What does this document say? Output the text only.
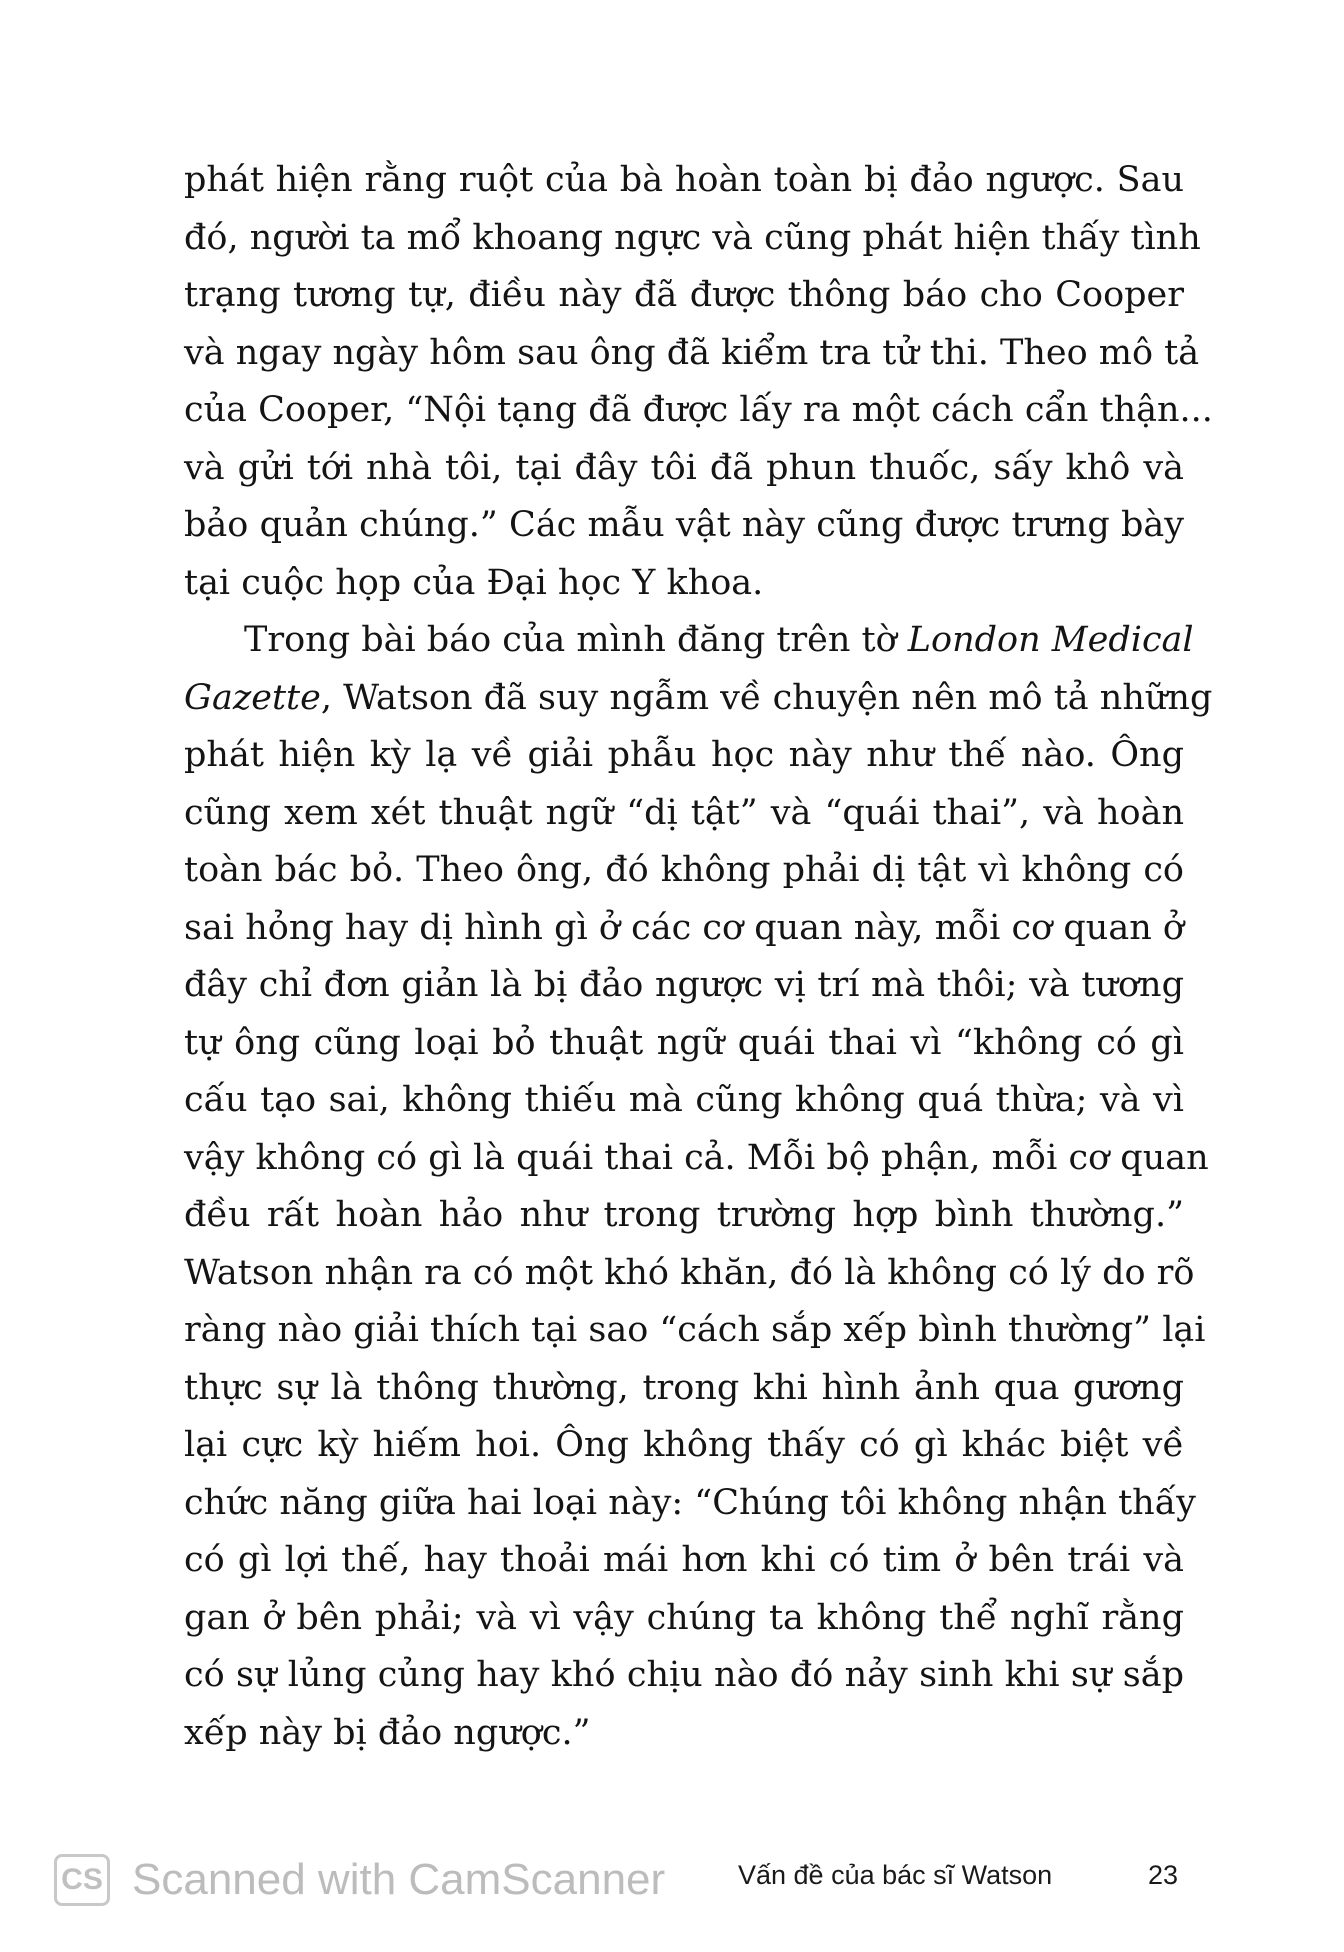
phát hiện rằng ruột của bà hoàn toàn bị đảo ngược. Sau
đó, người ta mổ khoang ngực và cũng phát hiện thấy tình
trạng tương tự, điều này đã được thông báo cho Cooper
và ngay ngày hôm sau ông đã kiểm tra tử thi. Theo mô tả
của Cooper, “Nội tạng đã được lấy ra một cách cẩn thận...
và gửi tới nhà tôi, tại đây tôi đã phun thuốc, sấy khô và
bảo quản chúng.” Các mẫu vật này cũng được trưng bày
tại cuộc họp của Đại học Y khoa.
Trong bài báo của mình đăng trên tờ London Medical
Gazette, Watson đã suy ngẫm về chuyện nên mô tả những
phát hiện kỳ lạ về giải phẫu học này như thế nào. Ông
cũng xem xét thuật ngữ “dị tật” và “quái thai”, và hoàn
toàn bác bỏ. Theo ông, đó không phải dị tật vì không có
sai hỏng hay dị hình gì ở các cơ quan này, mỗi cơ quan ở
đây chỉ đơn giản là bị đảo ngược vị trí mà thôi; và tương
tự ông cũng loại bỏ thuật ngữ quái thai vì “không có gì
cấu tạo sai, không thiếu mà cũng không quá thừa; và vì
vậy không có gì là quái thai cả. Mỗi bộ phận, mỗi cơ quan
đều rất hoàn hảo như trong trường hợp bình thường.”
Watson nhận ra có một khó khăn, đó là không có lý do rõ
ràng nào giải thích tại sao “cách sắp xếp bình thường” lại
thực sự là thông thường, trong khi hình ảnh qua gương
lại cực kỳ hiếm hoi. Ông không thấy có gì khác biệt về
chức năng giữa hai loại này: “Chúng tôi không nhận thấy
có gì lợi thế, hay thoải mái hơn khi có tim ở bên trái và
gan ở bên phải; và vì vậy chúng ta không thể nghĩ rằng
có sự lủng củng hay khó chịu nào đó nảy sinh khi sự sắp
xếp này bị đảo ngược.”
CS Scanned with CamScanner	Vấn đề của bác sĩ Watson	23
